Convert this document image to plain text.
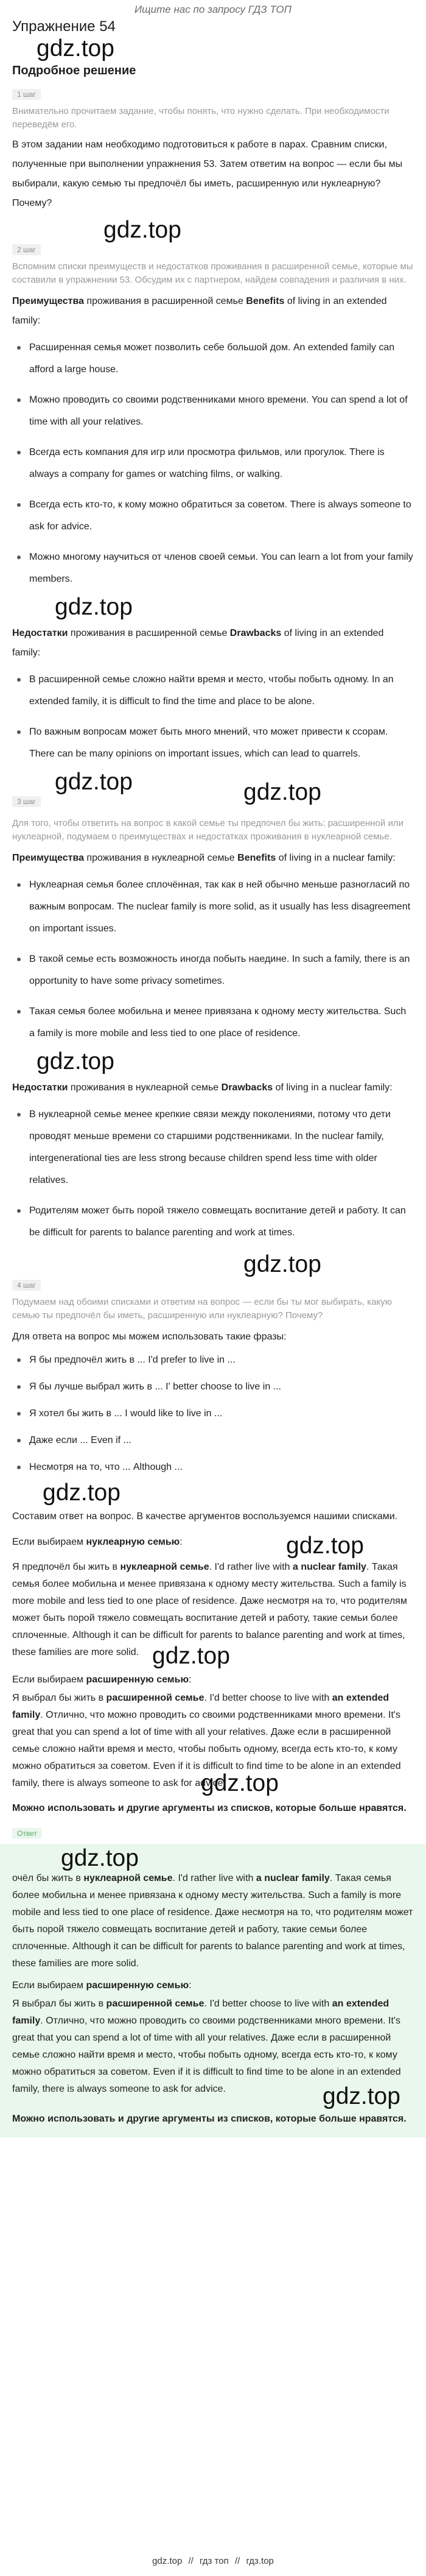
Ищите нас по запросу ГДЗ ТОП
Упражнение 54
gdz.top
Подробное решение
1 шаг

Внимательно прочитаем задание, чтобы понять, что нужно сделать. При необходимости переведём его.

В этом задании нам необходимо подготовиться к работе в парах. Сравним списки, полученные при выполнении упражнения 53. Затем ответим на вопрос — если бы мы выбирали, какую семью ты предпочёл бы иметь, расширенную или нуклеарную? Почему?

gdz.top
2 шаг

Вспомним списки преимуществ и недостатков проживания в расширенной семье, которые мы составили в упражнении 53. Обсудим их с партнером, найдем совпадения и различия в них.

Преимущества проживания в расширенной семье Benefits of living in an extended family:

Расширенная семья может позволить себе большой дом. An extended family can afford a large house.
Можно проводить со своими родственниками много времени. You can spend a lot of time with all your relatives.
Всегда есть компания для игр или просмотра фильмов, или прогулок. There is always a company for games or watching films, or walking.
Всегда есть кто-то, к кому можно обратиться за советом. There is always someone to ask for advice.
Можно многому научиться от членов своей семьи. You can learn a lot from your family members.
gdz.top

Недостатки проживания в расширенной семье Drawbacks of living in an extended family:

В расширенной семье сложно найти время и место, чтобы побыть одному. In an extended family, it is difficult to find the time and place to be alone.
По важным вопросам может быть много мнений, что может привести к ссорам. There can be many opinions on important issues, which can lead to quarrels.
gdz.top
3 шаг	gdz.top

Для того, чтобы ответить на вопрос в какой семье ты предпочел бы жить: расширенной или нуклеарной, подумаем о преимуществах и недостатках проживания в нуклеарной семье.

Преимущества проживания в нуклеарной семье Benefits of living in a nuclear family:

Нуклеарная семья более сплочённая, так как в ней обычно меньше разногласий по важным вопросам. The nuclear family is more solid, as it usually has less disagreement on important issues.
В такой семье есть возможность иногда побыть наедине. In such a family, there is an opportunity to have some privacy sometimes.
Такая семья более мобильна и менее привязана к одному месту жительства. Such a family is more mobile and less tied to one place of residence.
gdz.top

Недостатки проживания в нуклеарной семье Drawbacks of living in a nuclear family:

В нуклеарной семье менее крепкие связи между поколениями, потому что дети проводят меньше времени со старшими родственниками. In the nuclear family, intergenerational ties are less strong because children spend less time with older relatives.
Родителям может быть порой тяжело совмещать воспитание детей и работу. It can be difficult for parents to balance parenting and work at times.
gdz.top
4 шаг

Подумаем над обоими списками и ответим на вопрос — если бы ты мог выбирать, какую семью ты предпочёл бы иметь, расширенную или нуклеарную? Почему?

Для ответа на вопрос мы можем использовать такие фразы:

Я бы предпочёл жить в ... I'd prefer to live in ...
Я бы лучше выбрал жить в ... I' better choose to live in ...
Я хотел бы жить в ... I would like to live in ...
Даже если ... Even if ...
Несмотря на то, что ... Although ...
gdz.top

Составим ответ на вопрос. В качестве аргументов воспользуемся нашими списками.

Если выбираем нуклеарную семью:	gdz.top

Я предпочёл бы жить в нуклеарной семье. I'd rather live with a nuclear family. Такая семья более мобильна и менее привязана к одному месту жительства. Such a family is more mobile and less tied to one place of residence. Даже несмотря на то, что родителям может быть порой тяжело совмещать воспитание детей и работу, такие семьи более сплоченные. Although it can be difficult for parents to balance parenting and work at times, these families are more solid. gdz.top

Если выбираем расширенную семью:

Я выбрал бы жить в расширенной семье. I'd better choose to live with an extended family. Отлично, что можно проводить со своими родственниками много времени. It's great that you can spend a lot of time with all your relatives. Даже если в расширенной семье сложно найти время и место, чтобы побыть одному, всегда есть кто-то, к кому можно обратиться за советом. Even if it is difficult to find time to be alone in an extended family, there is always someone to ask for advice.

gdz.top

Можно использовать и другие аргументы из списков, которые больше нравятся.

Ответ
gdz.top

очёл бы жить в нуклеарной семье. I'd rather live with a nuclear family. Такая семья более мобильна и менее привязана к одному месту жительства. Such a family is more mobile and less tied to one place of residence. Даже несмотря на то, что родителям может быть порой тяжело совмещать воспитание детей и работу, такие семьи более сплоченные. Although it can be difficult for parents to balance parenting and work at times, these families are more solid.

Если выбираем расширенную семью:

Я выбрал бы жить в расширенной семье. I'd better choose to live with an extended family. Отлично, что можно проводить со своими родственниками много времени. It's great that you can spend a lot of time with all your relatives. Даже если в расширенной семье сложно найти время и место, чтобы побыть одному, всегда есть кто-то, к кому можно обратиться за советом. Even if it is difficult to find time to be alone in an extended family, there is always someone to ask for advice.	gdz.top

Можно использовать и другие аргументы из списков, которые больше нравятся.

gdz.top // гдз топ // гдз.top
